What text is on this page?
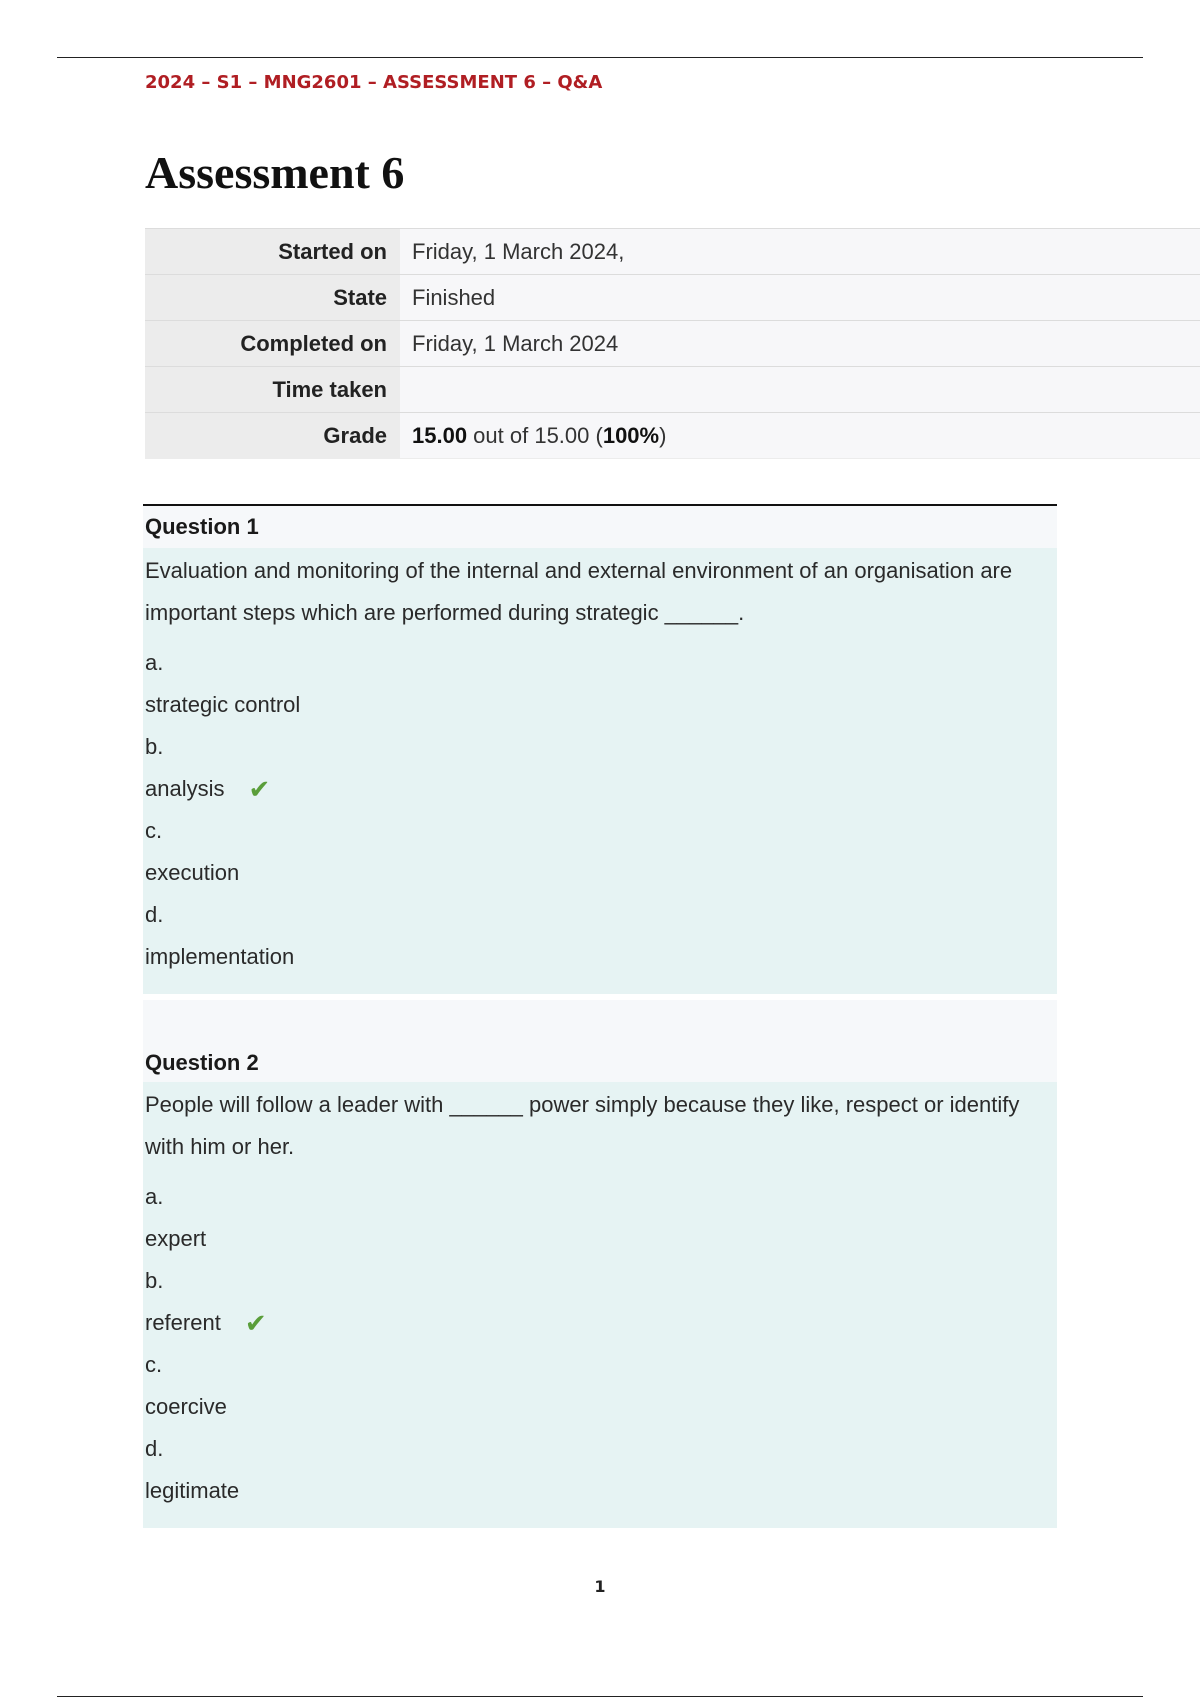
2024 – S1 – MNG2601 – ASSESSMENT 6 – Q&A
Assessment 6
Started on	Friday, 1 March 2024,
State	Finished
Completed on	Friday, 1 March 2024
Time taken	
Grade	15.00 out of 15.00 (100%)
Question 1

Evaluation and monitoring of the internal and external environment of an organisation are important steps which are performed during strategic ______.

a.
strategic control
b.
analysis ✔
c.
execution
d.
implementation
Question 2

People will follow a leader with ______ power simply because they like, respect or identify with him or her.

a.
expert
b.
referent ✔
c.
coercive
d.
legitimate
1
